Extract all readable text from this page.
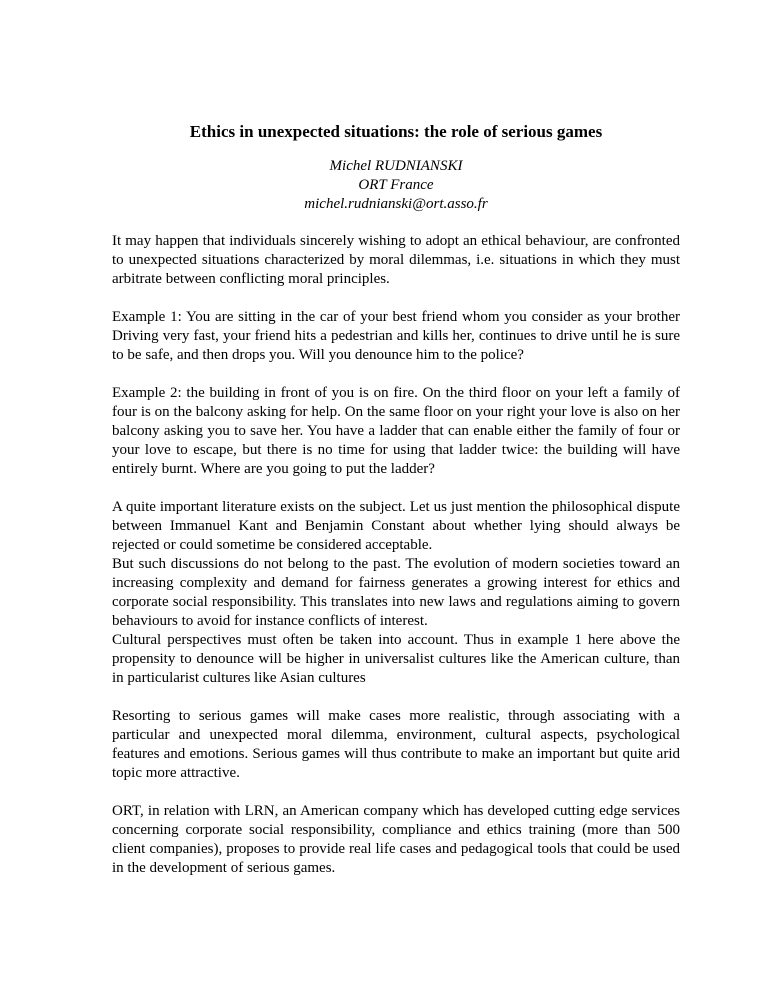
Ethics in unexpected situations: the role of serious games
Michel RUDNIANSKI
ORT France
michel.rudnianski@ort.asso.fr

It may happen that individuals sincerely wishing to adopt an ethical behaviour, are confronted to unexpected situations characterized by moral dilemmas, i.e. situations in which they must arbitrate between conflicting moral principles.

Example 1: You are sitting in the car of your best friend whom you consider as your brother Driving very fast, your friend hits a pedestrian and kills her, continues to drive until he is sure to be safe, and then drops you. Will you denounce him to the police?

Example 2: the building in front of you is on fire. On the third floor on your left a family of four is on the balcony asking for help. On the same floor on your right your love is also on her balcony asking you to save her. You have a ladder that can enable either the family of four or your love to escape, but there is no time for using that ladder twice: the building will have entirely burnt. Where are you going to put the ladder?

A quite important literature exists on the subject. Let us just mention the philosophical dispute between Immanuel Kant and Benjamin Constant about whether lying should always be rejected or could sometime be considered acceptable.

But such discussions do not belong to the past. The evolution of modern societies toward an increasing complexity and demand for fairness generates a growing interest for ethics and corporate social responsibility. This translates into new laws and regulations aiming to govern behaviours to avoid for instance conflicts of interest.

Cultural perspectives must often be taken into account. Thus in example 1 here above the propensity to denounce will be higher in universalist cultures like the American culture, than in particularist cultures like Asian cultures

Resorting to serious games will make cases more realistic, through associating with a particular and unexpected moral dilemma, environment, cultural aspects, psychological features and emotions. Serious games will thus contribute to make an important but quite arid topic more attractive.

ORT, in relation with LRN, an American company which has developed cutting edge services concerning corporate social responsibility, compliance and ethics training (more than 500 client companies), proposes to provide real life cases and pedagogical tools that could be used in the development of serious games.
